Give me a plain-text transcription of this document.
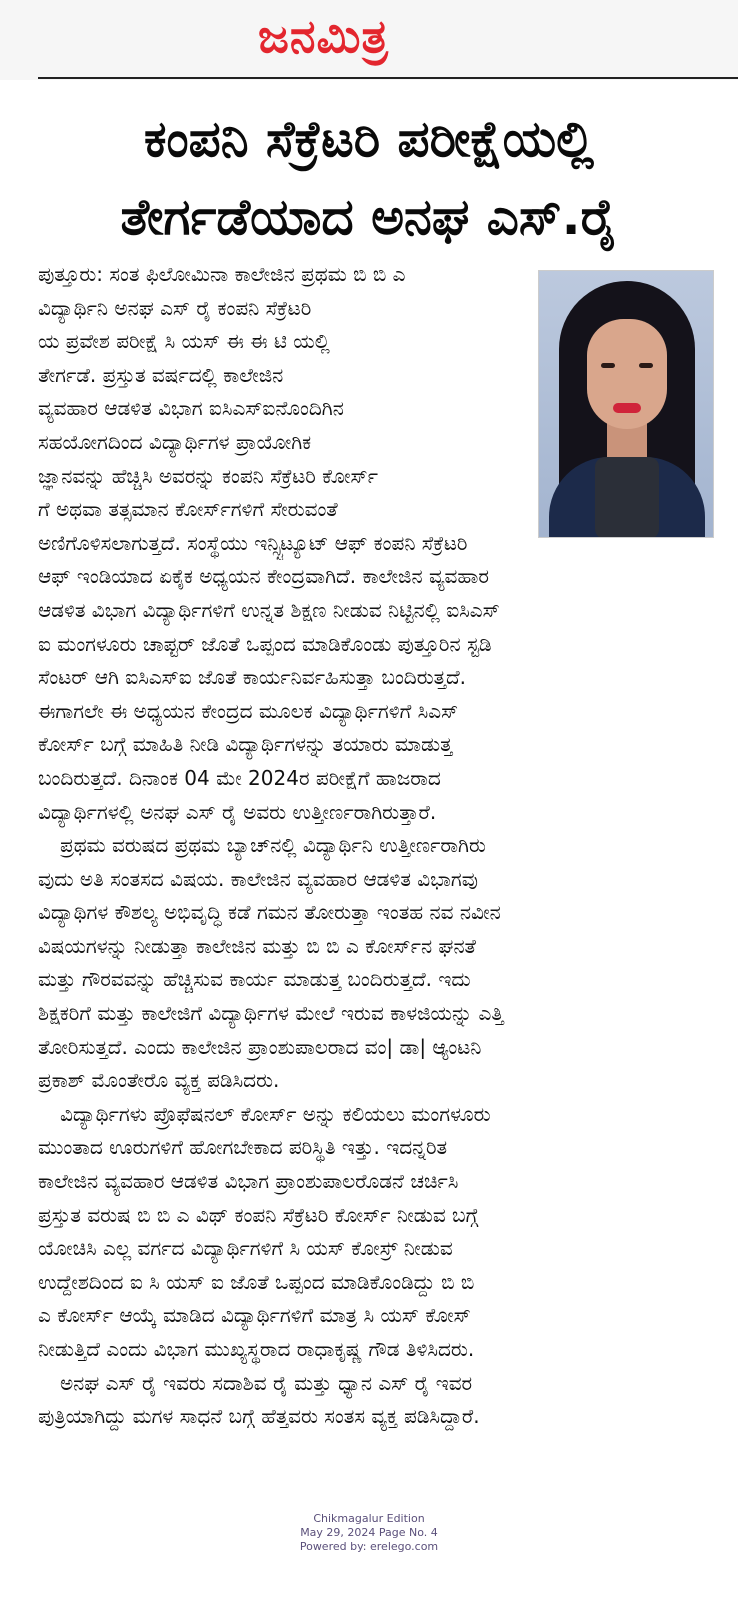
ಜನಮಿತ್ರ
ಕಂಪನಿ ಸೆಕ್ರೆಟರಿ ಪರೀಕ್ಷೆಯಲ್ಲಿ
ತೇರ್ಗಡೆಯಾದ ಅನಘ ಎಸ್.ರೈ
ಪುತ್ತೂರು: ಸಂತ ಫಿಲೋಮಿನಾ ಕಾಲೇಜಿನ ಪ್ರಥಮ ಬಿ ಬಿ ಎ
ವಿದ್ಯಾರ್ಥಿನಿ ಅನಘ ಎಸ್ ರೈ ಕಂಪನಿ ಸೆಕ್ರೆಟರಿ
ಯ ಪ್ರವೇಶ ಪರೀಕ್ಷೆ ಸಿ ಯಸ್ ಈ ಈ ಟಿ ಯಲ್ಲಿ
ತೇರ್ಗಡೆ. ಪ್ರಸ್ತುತ ವರ್ಷದಲ್ಲಿ ಕಾಲೇಜಿನ
ವ್ಯವಹಾರ ಆಡಳಿತ ವಿಭಾಗ ಐಸಿಎಸ್‌ಐನೊಂದಿಗಿನ
ಸಹಯೋಗದಿಂದ ವಿದ್ಯಾರ್ಥಿಗಳ ಪ್ರಾಯೋಗಿಕ
ಜ್ಞಾನವನ್ನು ಹೆಚ್ಚಿಸಿ ಅವರನ್ನು ಕಂಪನಿ ಸೆಕ್ರೆಟರಿ ಕೋರ್ಸ್
ಗೆ ಅಥವಾ ತತ್ಸಮಾನ ಕೋರ್ಸ್‌ಗಳಿಗೆ ಸೇರುವಂತೆ
ಅಣಿಗೊಳಿಸಲಾಗುತ್ತದೆ. ಸಂಸ್ಥೆಯು ಇನ್ಸ್ಟಿಟ್ಯೂಟ್ ಆಫ್ ಕಂಪನಿ ಸೆಕ್ರೆಟರಿ
ಆಫ್ ಇಂಡಿಯಾದ ಏಕೈಕ ಅಧ್ಯಯನ ಕೇಂದ್ರವಾಗಿದೆ. ಕಾಲೇಜಿನ ವ್ಯವಹಾರ
ಆಡಳಿತ ವಿಭಾಗ ವಿದ್ಯಾರ್ಥಿಗಳಿಗೆ ಉನ್ನತ ಶಿಕ್ಷಣ ನೀಡುವ ನಿಟ್ಟಿನಲ್ಲಿ ಐಸಿಎಸ್
ಐ ಮಂಗಳೂರು ಚಾಪ್ಟರ್ ಜೊತೆ ಒಪ್ಪಂದ ಮಾಡಿಕೊಂಡು ಪುತ್ತೂರಿನ ಸ್ಟಡಿ
ಸೆಂಟರ್ ಆಗಿ ಐಸಿಎಸ್‌ಐ ಜೊತೆ ಕಾರ್ಯನಿರ್ವಹಿಸುತ್ತಾ ಬಂದಿರುತ್ತದೆ.
ಈಗಾಗಲೇ ಈ ಅಧ್ಯಯನ ಕೇಂದ್ರದ ಮೂಲಕ ವಿದ್ಯಾರ್ಥಿಗಳಿಗೆ ಸಿಎಸ್
ಕೋರ್ಸ್ ಬಗ್ಗೆ ಮಾಹಿತಿ ನೀಡಿ ವಿದ್ಯಾರ್ಥಿಗಳನ್ನು ತಯಾರು ಮಾಡುತ್ತ
ಬಂದಿರುತ್ತದೆ. ದಿನಾಂಕ 04 ಮೇ 2024ರ ಪರೀಕ್ಷೆಗೆ ಹಾಜರಾದ
ವಿದ್ಯಾರ್ಥಿಗಳಲ್ಲಿ ಅನಘ ಎಸ್ ರೈ ಅವರು ಉತ್ತೀರ್ಣರಾಗಿರುತ್ತಾರೆ.
ಪ್ರಥಮ ವರುಷದ ಪ್ರಥಮ ಬ್ಯಾಚ್‌ನಲ್ಲಿ ವಿದ್ಯಾರ್ಥಿನಿ ಉತ್ತೀರ್ಣರಾಗಿರು
ವುದು ಅತಿ ಸಂತಸದ ವಿಷಯ. ಕಾಲೇಜಿನ ವ್ಯವಹಾರ ಆಡಳಿತ ವಿಭಾಗವು
ವಿದ್ಯಾಥಿಗಳ ಕೌಶಲ್ಯ ಅಭಿವೃದ್ಧಿ ಕಡೆ ಗಮನ ತೋರುತ್ತಾ ಇಂತಹ ನವ ನವೀನ
ವಿಷಯಗಳನ್ನು ನೀಡುತ್ತಾ ಕಾಲೇಜಿನ ಮತ್ತು ಬಿ ಬಿ ಎ ಕೋರ್ಸ್‌ನ ಘನತೆ
ಮತ್ತು ಗೌರವವನ್ನು ಹೆಚ್ಚಿಸುವ ಕಾರ್ಯ ಮಾಡುತ್ತ ಬಂದಿರುತ್ತದೆ. ಇದು
ಶಿಕ್ಷಕರಿಗೆ ಮತ್ತು ಕಾಲೇಜಿಗೆ ವಿದ್ಯಾರ್ಥಿಗಳ ಮೇಲೆ ಇರುವ ಕಾಳಜಿಯನ್ನು ಎತ್ತಿ
ತೋರಿಸುತ್ತದೆ. ಎಂದು ಕಾಲೇಜಿನ ಪ್ರಾಂಶುಪಾಲರಾದ ವಂ| ಡಾ| ಆ್ಯಂಟನಿ
ಪ್ರಕಾಶ್ ಮೊಂತೇರೊ ವ್ಯಕ್ತ ಪಡಿಸಿದರು.
ವಿದ್ಯಾರ್ಥಿಗಳು ಪ್ರೊಫೆಷನಲ್ ಕೋರ್ಸ್ ಅನ್ನು ಕಲಿಯಲು ಮಂಗಳೂರು
ಮುಂತಾದ ಊರುಗಳಿಗೆ ಹೋಗಬೇಕಾದ ಪರಿಸ್ಥಿತಿ ಇತ್ತು. ಇದನ್ನರಿತ
ಕಾಲೇಜಿನ ವ್ಯವಹಾರ ಆಡಳಿತ ವಿಭಾಗ ಪ್ರಾಂಶುಪಾಲರೊಡನೆ ಚರ್ಚಿಸಿ
ಪ್ರಸ್ತುತ ವರುಷ ಬಿ ಬಿ ಎ ವಿಥ್ ಕಂಪನಿ ಸೆಕ್ರೆಟರಿ ಕೋರ್ಸ್ ನೀಡುವ ಬಗ್ಗೆ
ಯೋಚಿಸಿ ಎಲ್ಲ ವರ್ಗದ ವಿದ್ಯಾರ್ಥಿಗಳಿಗೆ ಸಿ ಯಸ್ ಕೋಸ್ರ್ ನೀಡುವ
ಉದ್ದೇಶದಿಂದ ಐ ಸಿ ಯಸ್ ಐ ಜೊತೆ ಒಪ್ಪಂದ ಮಾಡಿಕೊಂಡಿದ್ದು ಬಿ ಬಿ
ಎ ಕೋರ್ಸ್ ಆಯ್ಕೆ ಮಾಡಿದ ವಿದ್ಯಾರ್ಥಿಗಳಿಗೆ ಮಾತ್ರ ಸಿ ಯಸ್ ಕೋಸ್
ನೀಡುತ್ತಿದೆ ಎಂದು ವಿಭಾಗ ಮುಖ್ಯಸ್ಥರಾದ ರಾಧಾಕೃಷ್ಣ ಗೌಡ ತಿಳಿಸಿದರು.
ಅನಘ ಎಸ್ ರೈ ಇವರು ಸದಾಶಿವ ರೈ ಮತ್ತು ಧ್ಯಾನ ಎಸ್ ರೈ ಇವರ
ಪುತ್ರಿಯಾಗಿದ್ದು ಮಗಳ ಸಾಧನೆ ಬಗ್ಗೆ ಹೆತ್ತವರು ಸಂತಸ ವ್ಯಕ್ತ ಪಡಿಸಿದ್ದಾರೆ.
Chikmagalur Edition
May 29, 2024 Page No. 4
Powered by: erelego.com
